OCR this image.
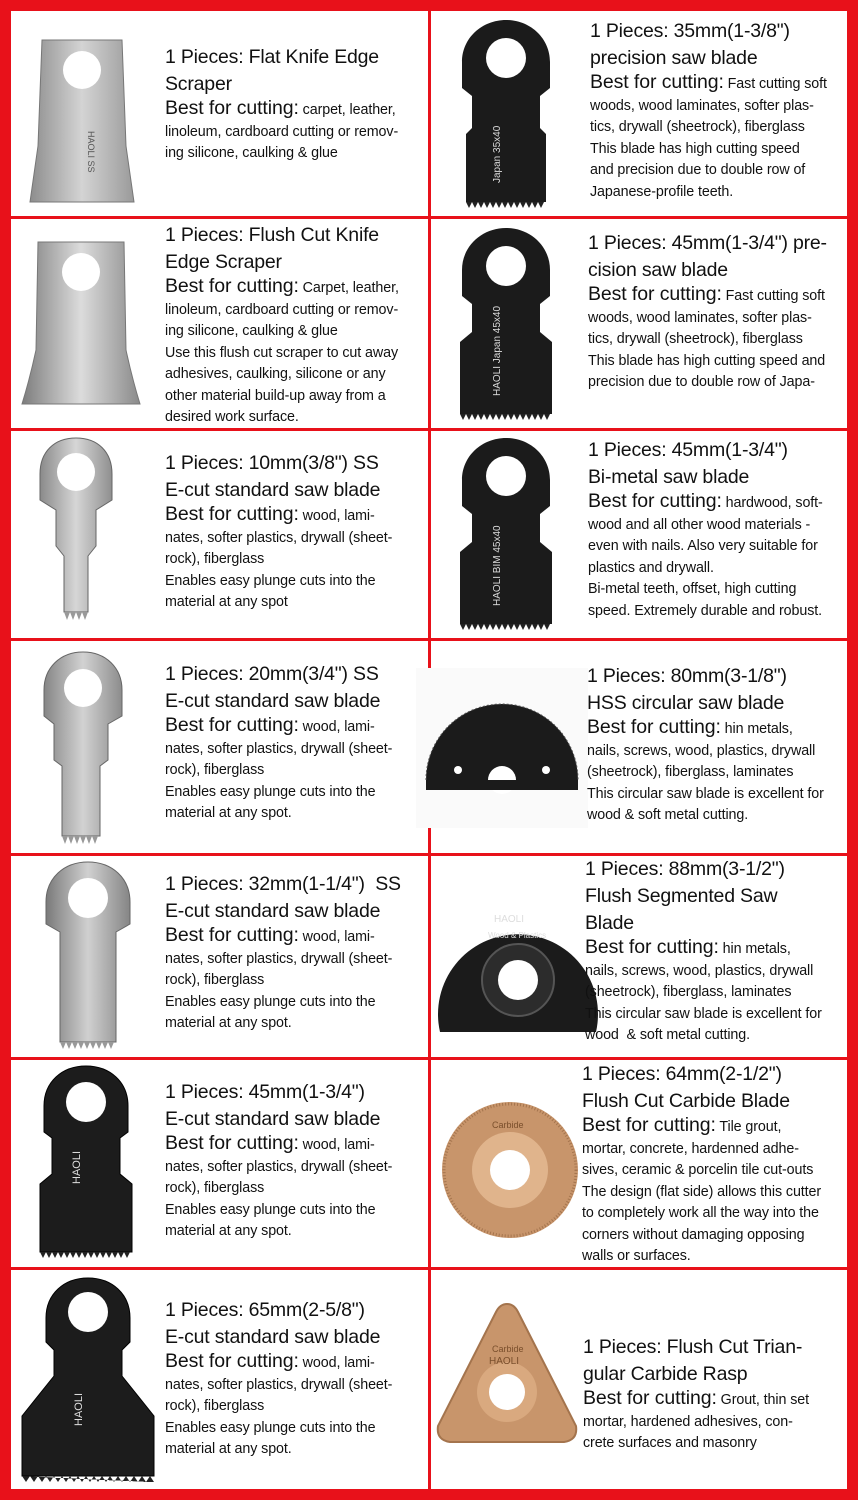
HAOLI SS
1 Pieces: Flat Knife Edge
Scraper
Best for cutting: carpet, leather,
linoleum, cardboard cutting or remov-
ing silicone, caulking & glue
1 Pieces: Flush Cut Knife
Edge Scraper
Best for cutting: Carpet, leather,
linoleum, cardboard cutting or remov-
ing silicone, caulking & glue
Use this flush cut scraper to cut away
adhesives, caulking, silicone or any
other material build-up away from a
desired work surface.
1 Pieces: 10mm(3/8") SS
E-cut standard saw blade
Best for cutting: wood, lami-
nates, softer plastics, drywall (sheet-
rock), fiberglass
Enables easy plunge cuts into the
material at any spot
1 Pieces: 20mm(3/4") SS
E-cut standard saw blade
Best for cutting: wood, lami-
nates, softer plastics, drywall (sheet-
rock), fiberglass
Enables easy plunge cuts into the
material at any spot.
1 Pieces: 32mm(1-1/4")  SS
E-cut standard saw blade
Best for cutting: wood, lami-
nates, softer plastics, drywall (sheet-
rock), fiberglass
Enables easy plunge cuts into the
material at any spot.
HAOLI
1 Pieces: 45mm(1-3/4")
E-cut standard saw blade
Best for cutting: wood, lami-
nates, softer plastics, drywall (sheet-
rock), fiberglass
Enables easy plunge cuts into the
material at any spot.
HAOLI
1 Pieces: 65mm(2-5/8")
E-cut standard saw blade
Best for cutting: wood, lami-
nates, softer plastics, drywall (sheet-
rock), fiberglass
Enables easy plunge cuts into the
material at any spot.
Japan 35x40
1 Pieces: 35mm(1-3/8")
precision saw blade
Best for cutting: Fast cutting soft
woods, wood laminates, softer plas-
tics, drywall (sheetrock), fiberglass
This blade has high cutting speed
and precision due to double row of
Japanese-profile teeth.
HAOLI Japan 45x40
1 Pieces: 45mm(1-3/4") pre-
cision saw blade
Best for cutting: Fast cutting soft
woods, wood laminates, softer plas-
tics, drywall (sheetrock), fiberglass
This blade has high cutting speed and
precision due to double row of Japa-
HAOLI BIM 45x40
1 Pieces: 45mm(1-3/4")
Bi-metal saw blade
Best for cutting: hardwood, soft-
wood and all other wood materials -
even with nails. Also very suitable for
plastics and drywall.
Bi-metal teeth, offset, high cutting
speed. Extremely durable and robust.
1 Pieces: 80mm(3-1/8")
HSS circular saw blade
Best for cutting: hin metals,
nails, screws, wood, plastics, drywall
(sheetrock), fiberglass, laminates
This circular saw blade is excellent for
wood & soft metal cutting.
HAOLI
Wood & Plastics
1 Pieces: 88mm(3-1/2")
Flush Segmented Saw
Blade
Best for cutting: hin metals,
nails, screws, wood, plastics, drywall
(sheetrock), fiberglass, laminates
This circular saw blade is excellent for
wood  & soft metal cutting.
Carbide
1 Pieces: 64mm(2-1/2")
Flush Cut Carbide Blade
Best for cutting: Tile grout,
mortar, concrete, hardenned adhe-
sives, ceramic & porcelin tile cut-outs
The design (flat side) allows this cutter
to completely work all the way into the
corners without damaging opposing
walls or surfaces.
Carbide
HAOLI
1 Pieces: Flush Cut Trian-
gular Carbide Rasp
Best for cutting: Grout, thin set
mortar, hardened adhesives, con-
crete surfaces and masonry
